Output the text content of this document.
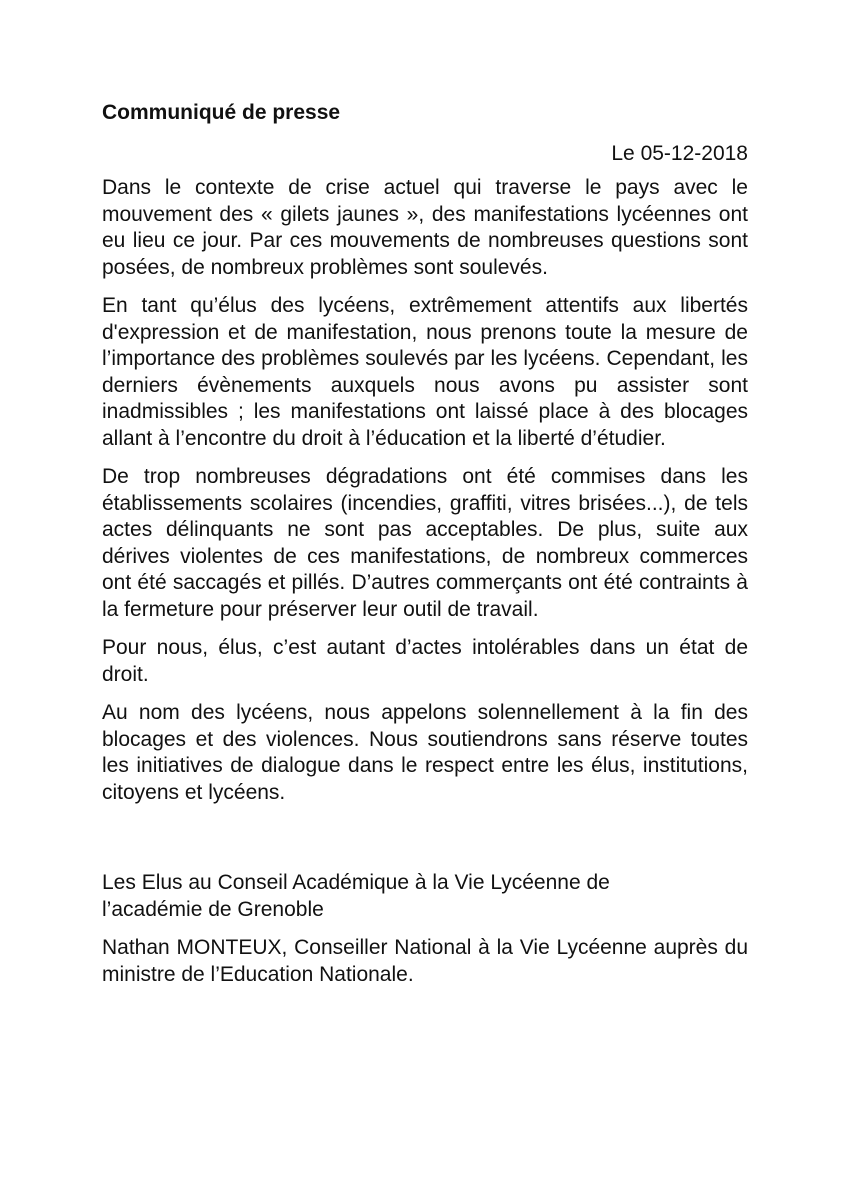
Communiqué de presse
Le 05-12-2018

Dans le contexte de crise actuel qui traverse le pays avec le mouvement des « gilets jaunes », des manifestations lycéennes ont eu lieu ce jour. Par ces mouvements de nombreuses questions sont posées, de nombreux problèmes sont soulevés.

En tant qu’élus des lycéens, extrêmement attentifs aux libertés d'expression et de manifestation, nous prenons toute la mesure de l’importance des problèmes soulevés par les lycéens. Cependant, les derniers évènements auxquels nous avons pu assister sont inadmissibles ; les manifestations ont laissé place à des blocages allant à l’encontre du droit à l’éducation et la liberté d’étudier.

De trop nombreuses dégradations ont été commises dans les établissements scolaires (incendies, graffiti, vitres brisées...), de tels actes délinquants ne sont pas acceptables. De plus, suite aux dérives violentes de ces manifestations, de nombreux commerces ont été saccagés et pillés. D’autres commerçants ont été contraints à la fermeture pour préserver leur outil de travail.

Pour nous, élus, c’est autant d’actes intolérables dans un état de droit.

Au nom des lycéens, nous appelons solennellement à la fin des blocages et des violences. Nous soutiendrons sans réserve toutes les initiatives de dialogue dans le respect entre les élus, institutions, citoyens et lycéens.

Les Elus au Conseil Académique à la Vie Lycéenne de
l’académie de Grenoble

Nathan MONTEUX, Conseiller National à la Vie Lycéenne auprès du ministre de l’Education Nationale.
